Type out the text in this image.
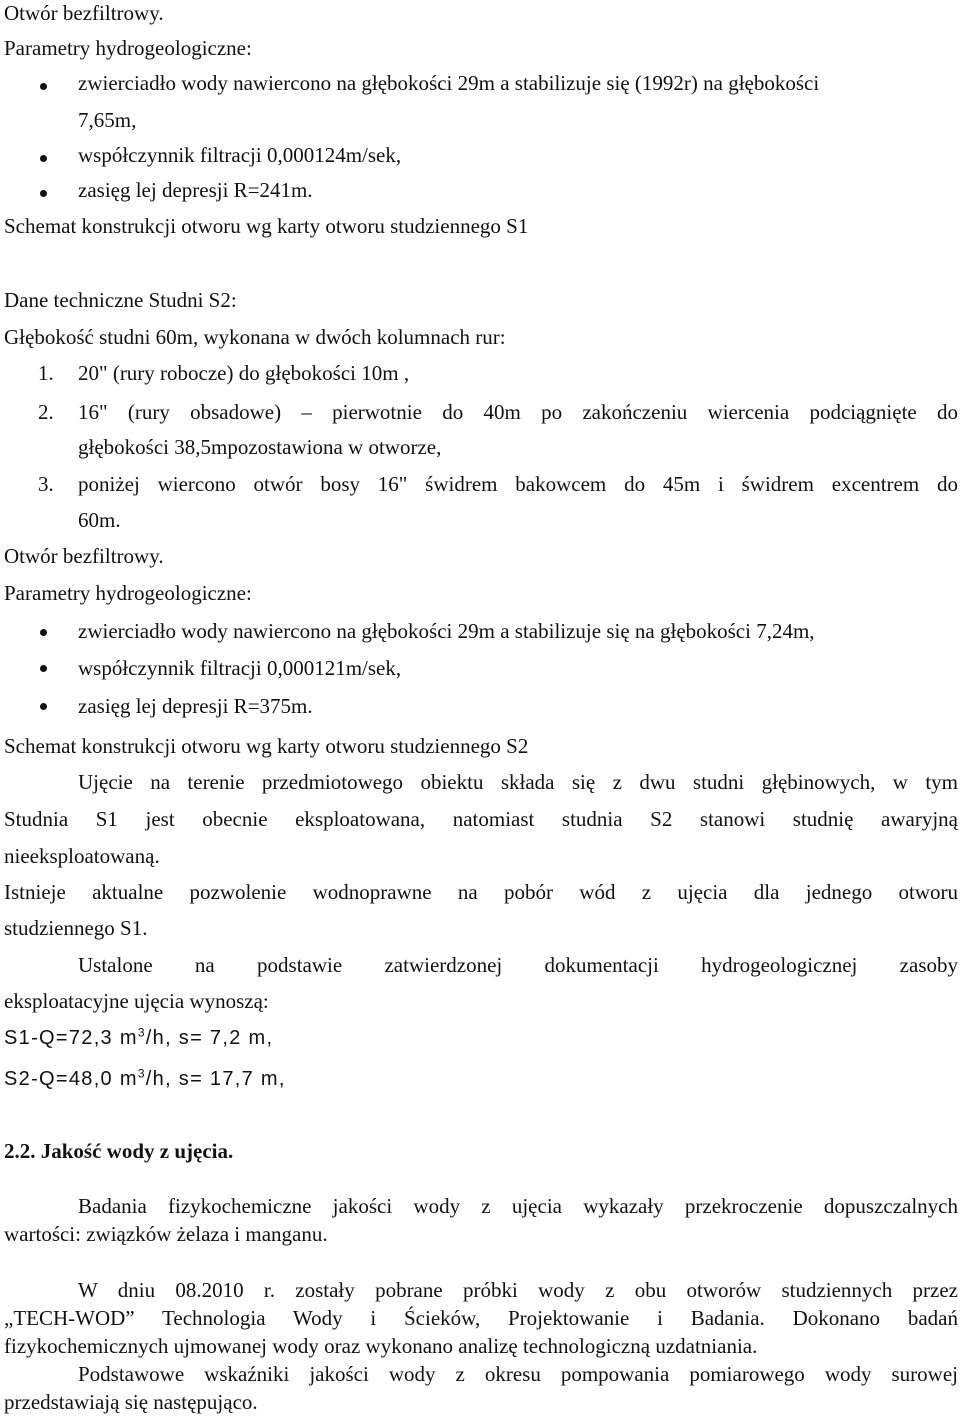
Otwór bezfiltrowy.

Parametry hydrogeologiczne:

zwierciadło wody nawiercono na głębokości 29m a stabilizuje się (1992r) na głębokości

7,65m,

współczynnik filtracji 0,000124m/sek,

zasięg lej depresji R=241m.

Schemat konstrukcji otworu wg karty otworu studziennego S1

Dane techniczne Studni S2:

Głębokość studni 60m, wykonana w dwóch kolumnach rur:

1. 20" (rury robocze) do głębokości 10m ,

2. 16" (rury obsadowe) – pierwotnie do 40m po zakończeniu wiercenia podciągnięte do

głębokości 38,5mpozostawiona w otworze,

3. poniżej wiercono otwór bosy 16" świdrem bakowcem do 45m i świdrem excentrem do

60m.

Otwór bezfiltrowy.

Parametry hydrogeologiczne:

zwierciadło wody nawiercono na głębokości 29m a stabilizuje się na głębokości 7,24m,

współczynnik filtracji 0,000121m/sek,

zasięg lej depresji R=375m.

Schemat konstrukcji otworu wg karty otworu studziennego S2

Ujęcie na terenie przedmiotowego obiektu składa się z dwu studni głębinowych, w tym

Studnia S1 jest obecnie eksploatowana, natomiast studnia S2 stanowi studnię awaryjną

nieeksploatowaną.

Istnieje aktualne pozwolenie wodnoprawne na pobór wód z ujęcia dla jednego otworu

studziennego S1.

Ustalone na podstawie zatwierdzonej dokumentacji hydrogeologicznej zasoby

eksploatacyjne ujęcia wynoszą:

S1-Q=72,3 $m^3/h$, s= 7,2 m,

S2-Q=48,0 $m^3/h$, s= 17,7 m,

2.2. Jakość wody z ujęcia.

Badania fizykochemiczne jakości wody z ujęcia wykazały przekroczenie dopuszczalnych

wartości: związków żelaza i manganu.

W dniu 08.2010 r. zostały pobrane próbki wody z obu otworów studziennych przez

„TECH-WOD” Technologia Wody i Ścieków, Projektowanie i Badania. Dokonano badań

fizykochemicznych ujmowanej wody oraz wykonano analizę technologiczną uzdatniania.

Podstawowe wskaźniki jakości wody z okresu pompowania pomiarowego wody surowej

przedstawiają się następująco.
